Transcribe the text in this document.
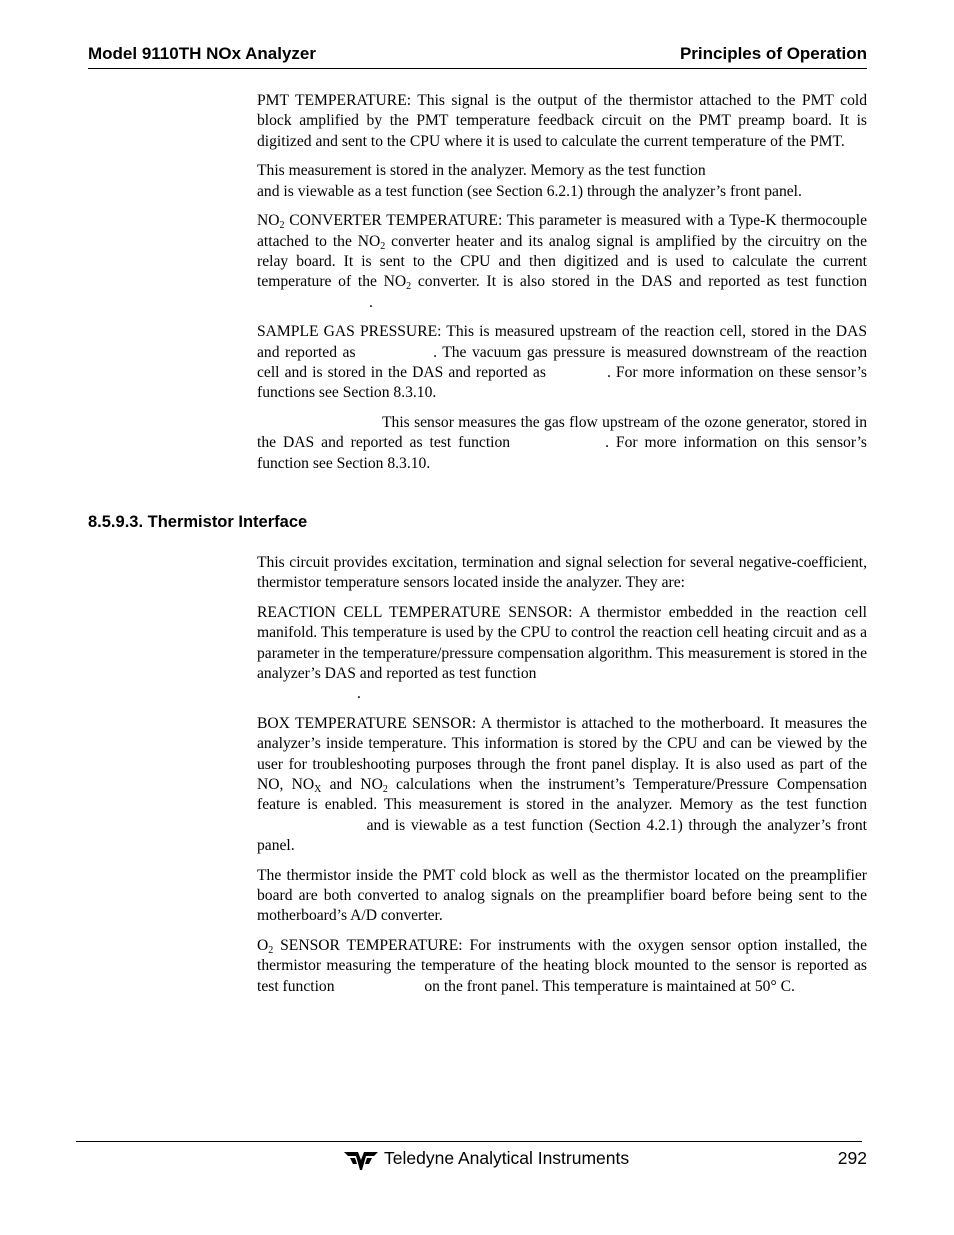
Model 9110TH NOx Analyzer	Principles of Operation

PMT TEMPERATURE: This signal is the output of the thermistor attached to the PMT cold block amplified by the PMT temperature feedback circuit on the PMT preamp board. It is digitized and sent to the CPU where it is used to calculate the current temperature of the PMT.

This measurement is stored in the analyzer. Memory as the test function
and is viewable as a test function (see Section 6.2.1) through the analyzer’s front panel.

$NO_2$ CONVERTER TEMPERATURE: This parameter is measured with a Type-K thermocouple attached to the $NO_2$ converter heater and its analog signal is amplified by the circuitry on the relay board. It is sent to the CPU and then digitized and is used to calculate the current temperature of the $NO_2$ converter. It is also stored in the DAS and reported as test function.

SAMPLE GAS PRESSURE: This is measured upstream of the reaction cell, stored in the DAS and reported as	. The vacuum gas pressure is measured downstream of the reaction cell and is stored in the DAS and reported as	. For more information on these sensor’s functions see Section 8.3.10.

This sensor measures the gas flow upstream of the ozone generator, stored in the DAS and reported as test function	. For more information on this sensor’s function see Section 8.3.10.

8.5.9.3. Thermistor Interface

This circuit provides excitation, termination and signal selection for several negative-coefficient, thermistor temperature sensors located inside the analyzer. They are:

REACTION CELL TEMPERATURE SENSOR: A thermistor embedded in the reaction cell manifold. This temperature is used by the CPU to control the reaction cell heating circuit and as a parameter in the temperature/pressure compensation algorithm. This measurement is stored in the analyzer’s DAS and reported as test function
.

BOX TEMPERATURE SENSOR: A thermistor is attached to the motherboard. It measures the analyzer’s inside temperature. This information is stored by the CPU and can be viewed by the user for troubleshooting purposes through the front panel display. It is also used as part of the NO, $NO_X$ and $NO_2$ calculations when the instrument’s Temperature/Pressure Compensation feature is enabled. This measurement is stored in the analyzer. Memory as the test function  and is viewable as a test function (Section 4.2.1) through the analyzer’s front panel.

The thermistor inside the PMT cold block as well as the thermistor located on the preamplifier board are both converted to analog signals on the preamplifier board before being sent to the motherboard’s A/D converter.

$O_2$ SENSOR TEMPERATURE: For instruments with the oxygen sensor option installed, the thermistor measuring the temperature of the heating block mounted to the sensor is reported as test function	on the front panel. This temperature is maintained at 50° C.

Teledyne Analytical Instruments	292
